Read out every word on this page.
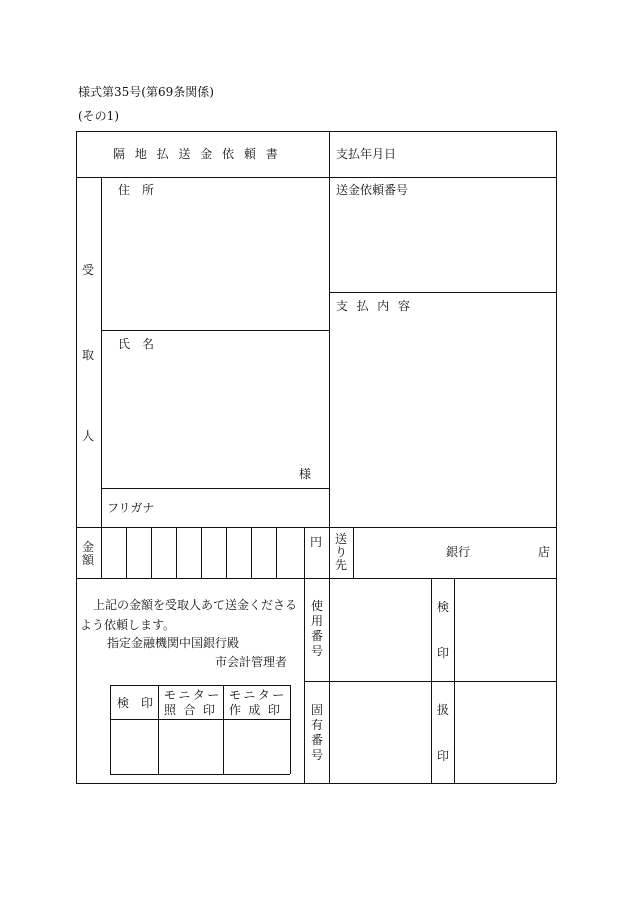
様式第35号(第69条関係)
(その1)
隔 地 払 送 金 依 頼 書	支払年月日
受
取
人
住　所
氏　名
様
フリガナ
送金依頼番号
支 払 内 容
金
額
円 送
り
先
銀行	店
上記の金額を受取人あて送金くださる
よう依頼します。
指定金融機関中国銀行殿
市会計管理者
検　印
モニター
照 合 印
モニター
作 成 印
使
用
番
号
固
有
番
号
検
印
扱
印
